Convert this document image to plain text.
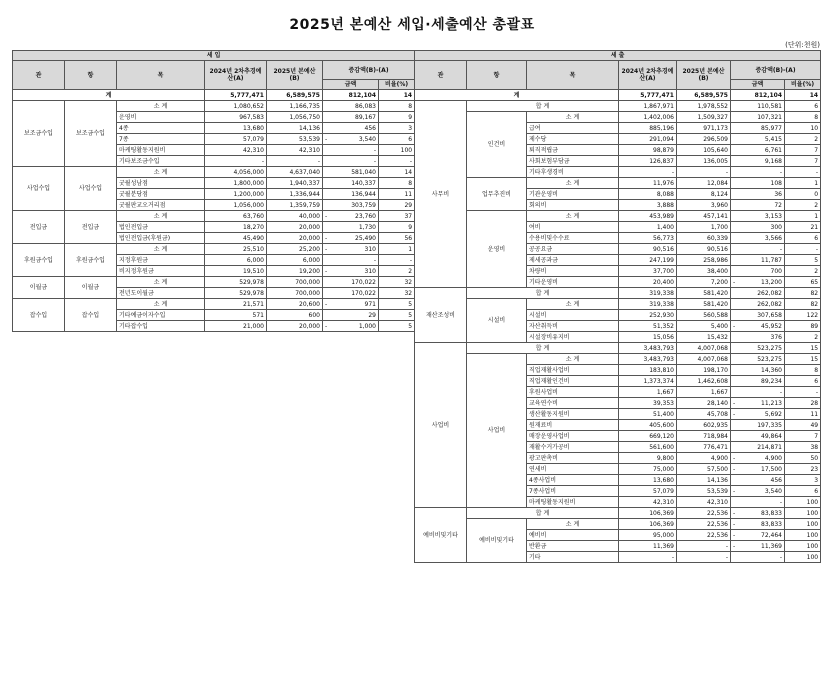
2025년 본예산 세입·세출예산 총괄표
(단위:천원)
세 입						
관	항	목	2024년 2차추경예산(A)	2025년 본예산(B)	증감액(B)-(A)	
					금액	비율(%)
계			5,777,471	6,589,575	812,104	14
보조금수입	보조금수입	소 계	1,080,652	1,166,735	86,083	8
		운영비	967,583	1,056,750	89,167	9
		4종	13,680	14,136	456	3
		7종	57,079	53,539	- 3,540	6
		마케팅활동지원비	42,310	42,310	-	100
		기타보조금수입	-	-	-	-
사업수입	사업수입	소 계	4,056,000	4,637,040	581,040	14
		굿윌성남점	1,800,000	1,940,337	140,337	8
		굿윌분당점	1,200,000	1,336,944	136,944	11
		굿윌판교오거리점	1,056,000	1,359,759	303,759	29
전입금	전입금	소 계	63,760	40,000	- 23,760	37
		법인전입금	18,270	20,000	1,730	9
		법인전입금(후원금)	45,490	20,000	- 25,490	56
후원금수입	후원금수입	소 계	25,510	25,200	- 310	1
		지정후원금	6,000	6,000	-	-
		비지정후원금	19,510	19,200	- 310	2
이월금	이월금	소 계	529,978	700,000	170,022	32
		전년도이월금	529,978	700,000	170,022	32
잡수입	잡수입	소 계	21,571	20,600	- 971	5
		기타예금이자수입	571	600	29	5
		기타잡수입	21,000	20,000	- 1,000	5
세 출						
관	항	목	2024년 2차추경예산(A)	2025년 본예산(B)	증감액(B)-(A)	
					금액	비율(%)
계			5,777,471	6,589,575	812,104	14
사무비	합 계		1,867,971	1,978,552	110,581	6
	인건비	소 계	1,402,006	1,509,327	107,321	8
		급여	885,196	971,173	85,977	10
		제수당	291,094	296,509	5,415	2
		퇴직적립금	98,879	105,640	6,761	7
		사회보험부담금	126,837	136,005	9,168	7
		기타후생경비	-	-	-	-
	업무추진비	소 계	11,976	12,084	108	1
		기관운영비	8,088	8,124	36	0
		회의비	3,888	3,960	72	2
	운영비	소 계	453,989	457,141	3,153	1
		여비	1,400	1,700	300	21
		수용비및수수료	56,773	60,339	3,566	6
		공공요금	90,516	90,516	-	-
		제세공과금	247,199	258,986	11,787	5
		차량비	37,700	38,400	700	2
		기타운영비	20,400	7,200	- 13,200	65
재산조성비	합 계		319,338	581,420	262,082	82
	시설비	소 계	319,338	581,420	262,082	82
		시설비	252,930	560,588	307,658	122
		자산취득비	51,352	5,400	- 45,952	89
		시설장비유지비	15,056	15,432	376	2
사업비	합 계		3,483,793	4,007,068	523,275	15
	사업비	소 계	3,483,793	4,007,068	523,275	15
		직업재활사업비	183,810	198,170	14,360	8
		직업재활인건비	1,373,374	1,462,608	89,234	6
		후원사업비	1,667	1,667	-	-
		교육연수비	39,353	28,140	- 11,213	28
		생산활동지원비	51,400	45,708	- 5,692	11
		원재료비	405,600	602,935	197,335	49
		매장운영사업비	669,120	718,984	49,864	7
		재활수거가공비	561,600	776,471	214,871	38
		광고판촉비	9,800	4,900	- 4,900	50
		연세비	75,000	57,500	- 17,500	23
		4종사업비	13,680	14,136	456	3
		7종사업비	57,079	53,539	- 3,540	6
		마케팅활동지원비	42,310	42,310	-	100
예비비및기타	합 계		106,369	22,536	- 83,833	100
	예비비및기타	소 계	106,369	22,536	- 83,833	100
		예비비	95,000	22,536	- 72,464	100
		반환금	11,369	-	- 11,369	100
		기타	-	-	-	100
